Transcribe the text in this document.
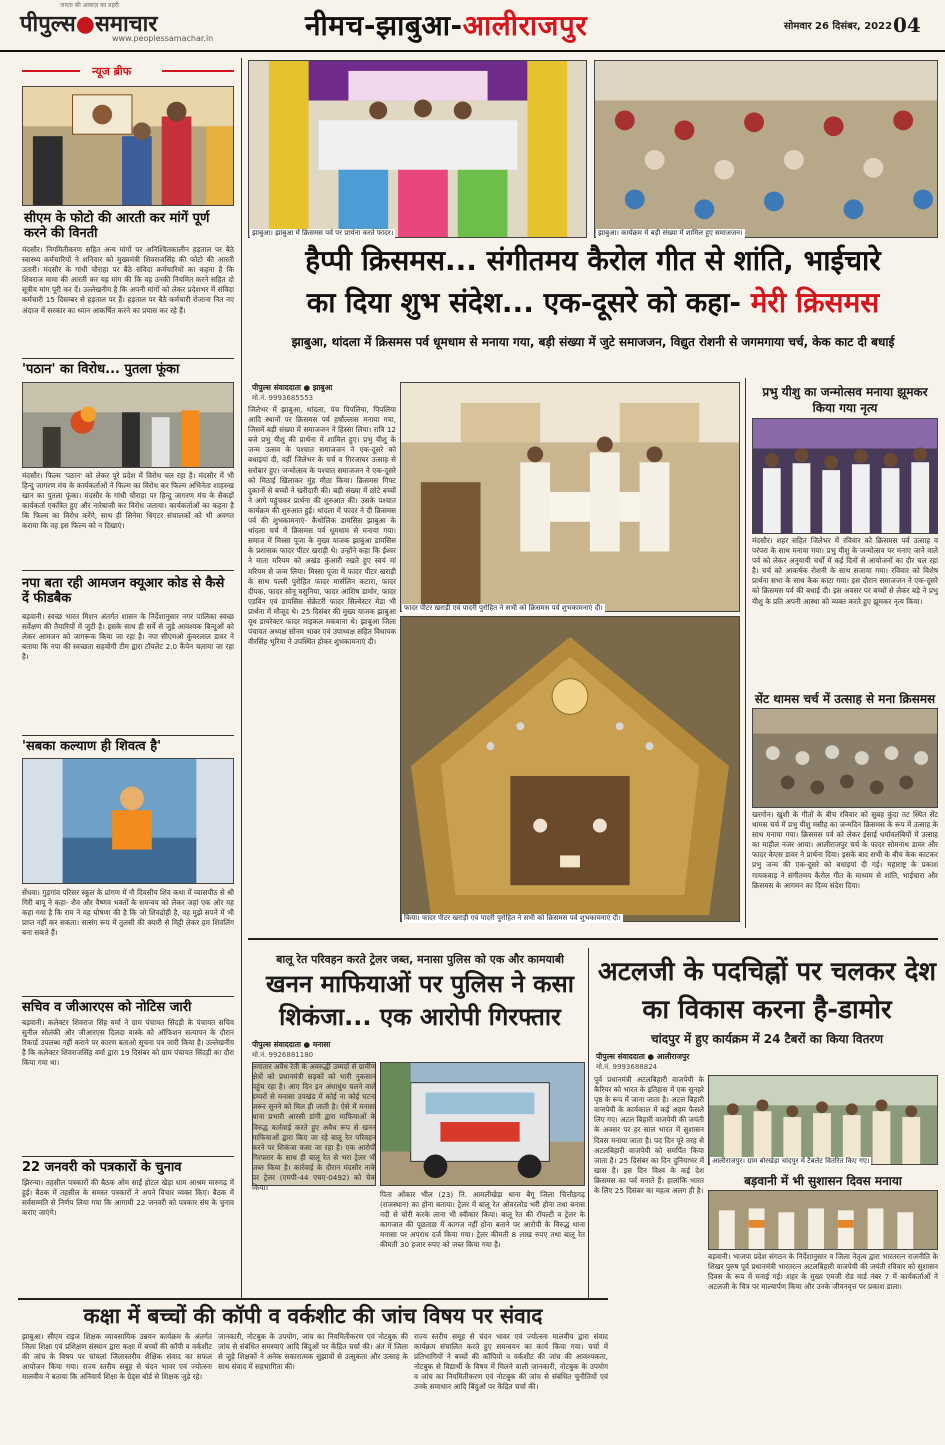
पीपुल्स●समाचार
जनता की आवाज़ का प्रहरी
www.peoplessamachar.in	नीमच-झाबुआ-आलीराजपुर	सोमवार 26 दिसंबर, 2022 04
न्यूज ब्रीफ
सीएम के फोटो की आरती कर मांगें पूर्ण करने की विनती
मंदसौर। निगमितीकरण सहित अन्य मांगों पर अनिश्चितकालीन हड़ताल पर बैठे स्वास्थ्य कर्मचारियों ने शनिवार को मुख्यमंत्री शिवराजसिंह की फोटो की आरती उतारी। मंदसौर के गांधी चौराहा पर बैठे संविदा कर्मचारियों का कहना है कि शिवराज मामा की आरती कर यह मांग की कि वह उनकी नियमित करने सहित दो सूत्रीय मांग पूरी कर दें। उल्लेखनीय है कि अपनी मांगों को लेकर प्रदेशभर में संविदा कर्मचारी 15 दिसम्बर से हड़ताल पर हैं। हड़ताल पर बैठे कर्मचारी रोजाना नित नए अंदाज में सरकार का ध्यान आकर्षित करने का प्रयास कर रहे हैं।
'पठान' का विरोध... पुतला फूंका
मंदसौर। फिल्म 'पठान' को लेकर पूरे प्रदेश में विरोध चल रहा है। मंदसौर में भी हिन्दु जागरण मंच के कार्यकर्ताओं ने फिल्म का विरोध कर फिल्म अभिनेता शाहरुख खान का पुतला फूंका। मंदसौर के गांधी चौराहा पर हिन्दु जागरण मंच के सैकड़ों कार्यकर्ता एकत्रित हुए और नारेबाजी कर विरोध जताया। कार्यकर्ताओं का कहना है कि फिल्म का विरोध करेंगे, साथ ही सिनेमा थिएटर संचालकों को भी अवगत कराया कि वह इस फिल्म को न दिखाएं।
नपा बता रही आमजन क्यूआर कोड से कैसे दें फीडबैक
बड़वानी। स्वच्छ भारत मिशन अंतर्गत शासन के निर्देशानुसार नगर पालिका स्वच्छ सर्वेक्षण की तैयारियों में जुटी है। इसके साथ ही सर्वे से जुड़े आवश्यक बिन्दुओं को लेकर आमजन को जागरूक किया जा रहा है। नपा सीएमओ कुंवरलाल डावर ने बताया कि नपा की स्वच्छता सहयोगी टीम द्वारा टॉयलेट 2.0 कैंपेन चलाया जा रहा है।
'सबका कल्याण ही शिवत्व है'
सेंधवा। गुड़गांव परिसर स्कूल के प्रांगण में नौ दिवसीय शिव कथा में व्यासपीठ से श्री गिरी बापू ने कहा- शैव और वैष्णव भक्तों के समन्वय को लेकर जहां एक ओर यह कहा गया है कि राम ने यह घोषणा की है कि जो शिवद्रोही है, वह मुझे सपने में भी प्राप्त नहीं कर सकता। सत्संग रूप में तुलसी की क्यारी से मिट्टी लेकर हम शिवलिंग बना सकते हैं।
सचिव व जीआरएस को नोटिस जारी
बड़वानी। कलेक्टर शिवराज सिंह वर्मा ने ग्राम पंचायत सिंदड़ी के पंचायत सचिव सुनील सोलंकी और जीआरएस दिलदा वास्के को ऑफिशन सत्यापन के दौरान रिकार्ड उपलब्ध नहीं कराने पर कारण बताओ सूचना पत्र जारी किया है। उल्लेखनीय है कि कलेक्टर शिवराजसिंह वर्मा द्वारा 19 दिसंबर को ग्राम पंचायत सिंदड़ी का दौरा किया गया था।
22 जनवरी को पत्रकारों के चुनाव
झिरन्या। तहसील पत्रकारों की बैठक ओम साईं होटल खेड़ा धाम आश्रम मारुगढ़ में हुई। बैठक में तहसील के समस्त पत्रकारों ने अपने विचार व्यक्त किए। बैठक में सर्वसम्मति से निर्णय लिया गया कि आगामी 22 जनवरी को पत्रकार संघ के चुनाव कराए जाएंगे।
झाबुआ। झाबुआ में क्रिसमस पर्व पर प्रार्थना करते फादर।	झाबुआ। कार्यक्रम में बड़ी संख्या में शामिल हुए समाजजन।
हैप्पी क्रिसमस... संगीतमय कैरोल गीत से शांति, भाईचारे
का दिया शुभ संदेश... एक-दूसरे को कहा- मेरी क्रिसमस
झाबुआ, थांदला में क्रिसमस पर्व धूमधाम से मनाया गया, बड़ी संख्या में जुटे समाजजन, विद्युत रोशनी से जगमगाया चर्च, केक काट दी बधाई
पीपुल्स संवाददाता ● झाबुआ
मो.नं. 9993685553
जिलेभर में झाबुआ, थांदला, पंच पिपलिया, पिपलिया आदि स्थानों पर क्रिसमस पर्व हर्षोल्लास मनाया गया, जिसमें बड़ी संख्या में समाजजन ने हिस्सा लिया। रात्रि 12 बजे प्रभु यीशु की प्रार्थना में शामिल हुए। प्रभु यीशु के जन्म उत्सव के पश्चात समाजजन ने एक-दूसरे को बधाइयां दी, वहीं जिलेभर के चर्च व गिरजाघर उत्साह से सरोबार हुए। जन्मोत्सव के पश्चात समाजजन ने एक-दूसरे को मिठाई खिलाकर मुंह मीठा किया। क्रिसमस गिफ्ट दुकानों से बच्चों ने खरीदारी की। बड़ी संख्या में छोटे बच्चों ने आगे पहुंचकर प्रार्थना की शुरुआत की। उसके पश्चात कार्यक्रम की शुरुआत हुई। थांदला में फादर ने दी क्रिसमस पर्व की शुभकामनाएं- कैथोलिक डायसिस झाबुआ के थांदला चर्च में क्रिसमस पर्व धूमधाम से मनाया गया। समाज में मिस्सा पूजा के मुख्य याजक झाबुआ डायसिस के प्रशासक फादर पीटर खराड़ी थे। उन्होंने कहा कि ईश्वर ने माता मरियम को अखंड कुंआरी रखते हुए स्वयं मां मरियम से जन्म लिया। मिस्सा पूजा में फादर पीटर खराड़ी के साथ पल्ली पुरोहित फादर मार्सलिन कटारा, फादर दीपक, फादर सोनू वसुनिया, फादर आशिष डामोर, फादर एडविन एवं डायसिस सेक्रेटरी फादर सिल्वेस्टर मेडा भी प्रार्थना में मौजूद थे। 25 दिसंबर की मुख्य याजक झाबुआ यूथ डायरेक्टर फादर माइकल मकवाना थे। झाबुआ जिला पंचायत अध्यक्ष सोनम भाबर एवं उपाध्यक्ष सहित विधायक वीरसिंह भूरिया ने उपस्थित होकर शुभकामनाएं दी।
फादर पीटर खराड़ी एवं पादरी पुरोहित ने सभी को क्रिसमस पर्व शुभकामनाएं दी।
किया। फादर पीटर खराड़ी एवं पादरी पुरोहित ने सभी को क्रिसमस पर्व शुभकामनाएं दी।
प्रभु यीशु का जन्मोत्सव मनाया झूमकर किया गया नृत्य
मंदसौर। शहर सहित जिलेभर में रविवार को क्रिसमस पर्व उत्साह व परंपरा के साथ मनाया गया। प्रभु यीशु के जन्मोत्सव पर मनाए जाने वाले पर्व को लेकर अनुयायी चर्चों में कई दिनों से आयोजनों का दौर चल रहा है। चर्च को आकर्षक रोशनी के साथ सजाया गया। रविवार को विशेष प्रार्थना सभा के साथ केक काटा गया। इस दौरान समाजजन ने एक-दूसरे को क्रिसमस पर्व की बधाई दी। इस अवसर पर बच्चों से लेकर बड़े ने प्रभु यीशु के प्रति अपनी आस्था को व्यक्त करते हुए झूमकर नृत्य किया।
सेंट थामस चर्च में उत्साह से मना क्रिसमस
खरगोन। खुशी के गीतों के बीच रविवार को सुबह कुंदा तट स्थित सेंट थामस चर्च में प्रभु यीशु मसीह का जन्मदिन क्रिसमस के रूप में उत्साह के साथ मनाया गया। क्रिसमस पर्व को लेकर ईसाई धर्मावलंबियों में उत्साह का माहौल नजर आया। आलीराजपुर चर्च के फादर सोमनाथ डामर और फादर केएस डावर ने प्रार्थना दिया। इसके बाद सभी के बीच केक काटकर प्रभु जन्म की एक-दूसरे को बधाइयां दी गई। महाराष्ट्र के प्रकाश गायकवाड़ ने संगीतमय कैरोल गीत के माध्यम से शांति, भाईचारा और क्रिसमस के आगमन का दिव्य संदेश दिया।
बालू रेत परिवहन करते ट्रेलर जब्त, मनासा पुलिस को एक और कामयाबी
खनन माफियाओं पर पुलिस ने कसा शिकंजा... एक आरोपी गिरफ्तार
पीपुल्स संवाददाता ● मनासा
मो.नं. 9926881180
लगातार अवैध रेती के अवरुद्धी उम्मदों से ग्रामीण क्षेत्रों को प्रधानमंत्री सड़कों को भारी नुकसान पहुंच रहा है। आए दिन इन अंधाधुंध चलने वाले डम्परों से मनासा उपखंड में कोई ना कोई घटना जरूर सुनने को मिल ही जाती है। ऐसे में मनासा थाना प्रभारी आरसी डांगी द्वारा माफियाओं के विरुद्ध कार्रवाई करते हुए अवैध रूप से खनन माफियाओं द्वारा किए जा रहे बालू रेत परिवहन करने पर शिकंजा कसा जा रहा है। एक आरोपी गिरफ्तार के साथ ही बालू रेत से भरा ट्रेलर भी जब्त किया है। कार्रवाई के दौरान मंदसौर नाके पर ट्रेलर (एमपी-44 एचए-0492) को चेक किया।
पिता ओंकार भील (23) नि. आमलीखेड़ा थाना बैगू जिला चित्तौड़गढ़ (राजस्थान) का होना बताया। ट्रेलर में बालू रेत ओवरलोड भरी होना तथा बनास नदी से चोरी करके लाना भी स्वीकार किया। बालू रेत की रॉयल्टी व ट्रेलर के कागजात की पूछताछ में कागज नहीं होना बताने पर आरोपी के विरुद्ध थाना मनासा पर अपराध दर्ज किया गया। ट्रेलर कीमती 8 लाख रुपए तथा बालू रेत कीमती 30 हजार रुपए को जब्त किया गया है।
अटलजी के पदचिह्नों पर चलकर देश का विकास करना है-डामोर
चांदपुर में हुए कार्यक्रम में 24 टैबरों का किया वितरण
पीपुल्स संवाददाता ● आलीराजपुर
मो.नं. 9993688824
पूर्व प्रधानमंत्री अटलबिहारी वाजपेयी के कैरियर को भारत के इतिहास में एक सुनहरे पृष्ठ के रूप में जाना जाता है। अटल बिहारी वाजपेयी के कार्यकाल में कई अहम फैसले लिए गए। अटल बिहारी वाजपेयी की जयंती के अवसर पर हर साल भारत में सुशासन दिवस मनाया जाता है। पद दिन पूरे तरह से अटलबिहारी वाजपेयी को समर्पित किया जाता है। 25 दिसंबर का दिन दुनियाभर में खास है। इस दिन विश्व के कई देश क्रिसमस का पर्व मनाते हैं। हालांकि भारत के लिए 25 दिसंबर का महत्व अलग ही है।
आलीराजपुर। ग्राम बोरखेड़ा चांदपुर में टैबलेट वितरित किए गए।
बड़वानी में भी सुशासन दिवस मनाया
बड़वानी। भाजपा प्रदेश संगठन के निर्देशानुसार व जिला नेतृत्व द्वारा भारतरत्न राजनीति के शिखर पुरुष पूर्व प्रधानमंत्री भारतरत्न अटलबिहारी वाजपेयी की जयंती रविवार को सुशासन दिवस के रूप में मनाई गई। शहर के मुख्य एमजी रोड वार्ड नंबर 7 में कार्यकर्ताओं ने अटलजी के चित्र पर माल्यार्पण किया और उनके जीवनवृत्त पर प्रकाश डाला।
कक्षा में बच्चों की कॉपी व वर्कशीट की जांच विषय पर संवाद
झाबुआ। सीएम राइज शिक्षक व्यावसायिक उन्नयन कार्यक्रम के अंतर्गत जिला शिक्षा एवं प्रशिक्षण संस्थान द्वारा कक्षा में बच्चों की कॉपी व वर्कशीट की जांच के विषय पर चांचलां जिलास्तरीय शैक्षिक संवाद का सफल आयोजन किया गया। राज्य स्तरीय सबूह से चंदन भावर एवं ज्योत्स्ना मालवीय ने बताया कि अनिवार्य शिक्षा के ग्रेड्स बोर्ड से शिक्षक जुड़े रहे।
जानकारी, नोटबुक के उपयोग, जांच का नियमितीकरण एवं नोटबुक की जांच से संबंधित समस्याएं आदि बिंदुओं पर केंद्रित चर्चा की। अंत में जिला से जुड़े शिक्षकों ने अनेक सकारात्मक सुझावों से उत्सुकता और उत्साह के साथ संवाद में सहभागिता की।
राज्य स्तरीय समूह से चंदन भावर एवं ज्योत्स्ना मालवीय द्वारा संवाद कार्यक्रम संचालित करते हुए समन्वयन का कार्य किया गया। चर्चा में प्रतिभागियों ने बच्चों की कॉपियों व वर्कशीट की जांच की आवश्यकता, नोटबुक से विद्यार्थी के विषय में मिलने वाली जानकारी, नोटबुक के उपयोग व जांच का नियमितीकरण एवं नोटबुक की जांच से संबंधित चुनौतियों एवं उनके समाधान आदि बिंदुओं पर केंद्रित चर्चा की।
